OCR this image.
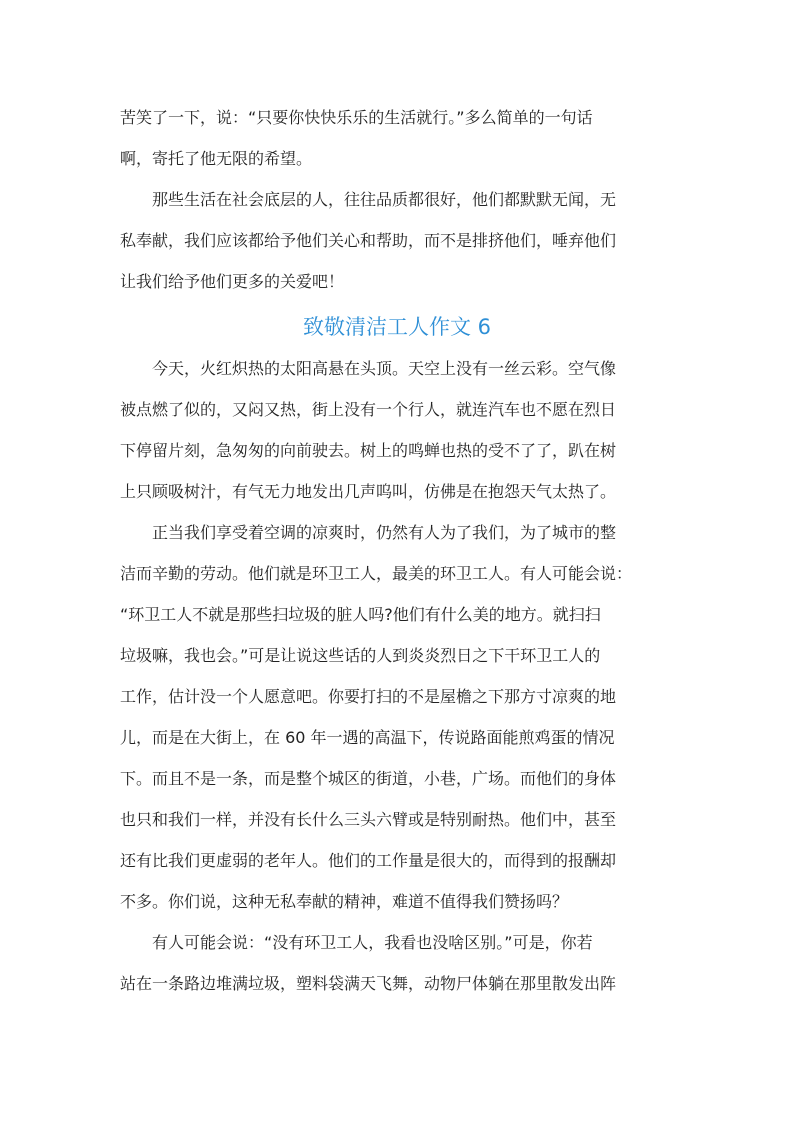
苦笑了一下，说：“只要你快快乐乐的生活就行。”多么简单的一句话
啊，寄托了他无限的希望。
那些生活在社会底层的人，往往品质都很好，他们都默默无闻，无
私奉献，我们应该都给予他们关心和帮助，而不是排挤他们，唾弃他们
让我们给予他们更多的关爱吧！
致敬清洁工人作文 6
今天，火红炽热的太阳高悬在头顶。天空上没有一丝云彩。空气像
被点燃了似的，又闷又热，街上没有一个行人，就连汽车也不愿在烈日
下停留片刻，急匆匆的向前驶去。树上的鸣蝉也热的受不了了，趴在树
上只顾吸树汁，有气无力地发出几声呜叫，仿佛是在抱怨天气太热了。
正当我们享受着空调的凉爽时，仍然有人为了我们，为了城市的整
洁而辛勤的劳动。他们就是环卫工人，最美的环卫工人。有人可能会说：
“环卫工人不就是那些扫垃圾的脏人吗?他们有什么美的地方。就扫扫
垃圾嘛，我也会。”可是让说这些话的人到炎炎烈日之下干环卫工人的
工作，估计没一个人愿意吧。你要打扫的不是屋檐之下那方寸凉爽的地
儿，而是在大街上，在 60 年一遇的高温下，传说路面能煎鸡蛋的情况
下。而且不是一条，而是整个城区的街道，小巷，广场。而他们的身体
也只和我们一样，并没有长什么三头六臂或是特别耐热。他们中，甚至
还有比我们更虚弱的老年人。他们的工作量是很大的，而得到的报酬却
不多。你们说，这种无私奉献的精神，难道不值得我们赞扬吗？
有人可能会说：“没有环卫工人，我看也没啥区别。”可是，你若
站在一条路边堆满垃圾，塑料袋满天飞舞，动物尸体躺在那里散发出阵
